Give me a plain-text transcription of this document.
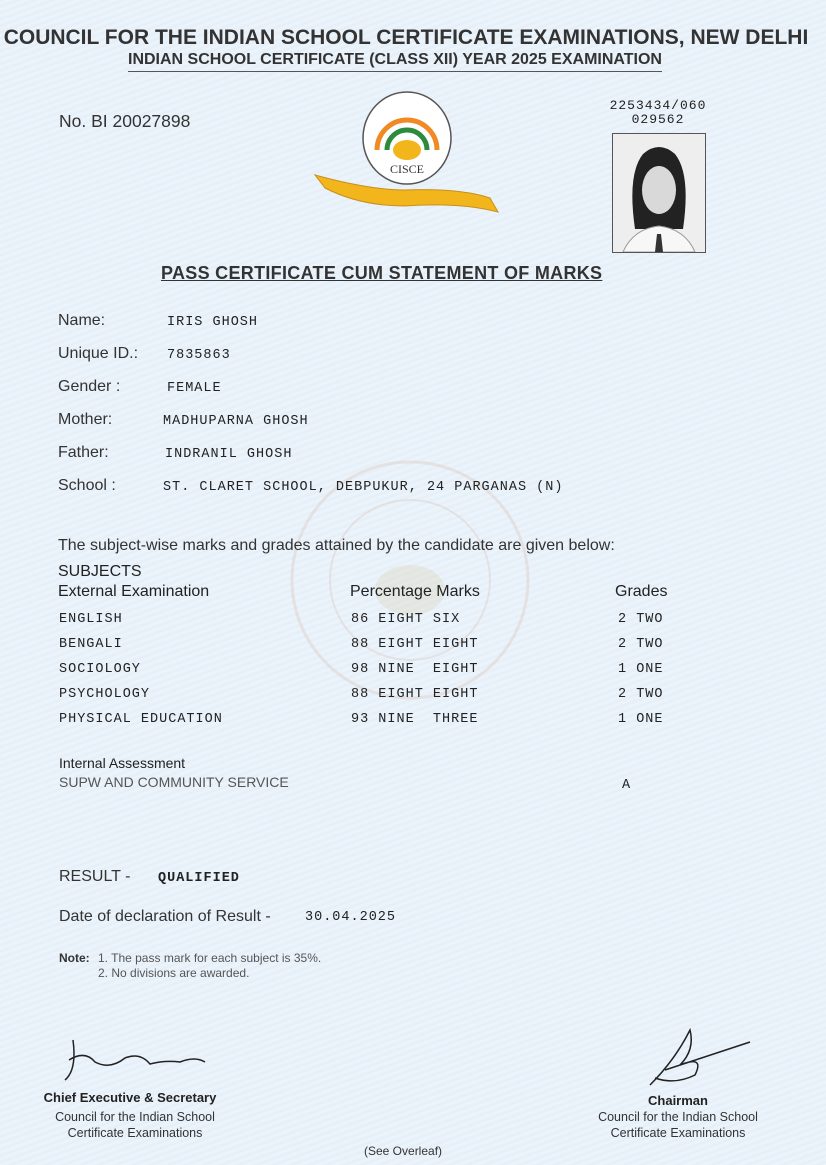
COUNCIL FOR THE INDIAN SCHOOL CERTIFICATE EXAMINATIONS, NEW DELHI
INDIAN SCHOOL CERTIFICATE (CLASS XII) YEAR 2025 EXAMINATION
No. BI 20027898
2253434/060
029562
CISCE
PASS CERTIFICATE CUM STATEMENT OF MARKS
Name:	IRIS GHOSH
Unique ID.: 7835863
Gender :	FEMALE
Mother:	MADHUPARNA GHOSH
Father:	INDRANIL GHOSH
School :	ST. CLARET SCHOOL, DEBPUKUR, 24 PARGANAS (N)
The subject-wise marks and grades attained by the candidate are given below:
SUBJECTS
External Examination	Percentage Marks	Grades
ENGLISH	86 EIGHT SIX	2 TWO
BENGALI	88 EIGHT EIGHT	2 TWO
SOCIOLOGY	98 NINE  EIGHT	1 ONE
PSYCHOLOGY	88 EIGHT EIGHT	2 TWO
PHYSICAL EDUCATION	93 NINE  THREE	1 ONE
Internal Assessment
SUPW AND COMMUNITY SERVICE	A
RESULT - QUALIFIED
Date of declaration of Result -	30.04.2025
Note: 1. The pass mark for each subject is 35%.
2. No divisions are awarded.
Chief Executive & Secretary
Council for the Indian School
Certificate Examinations
Chairman
Council for the Indian School
Certificate Examinations
(See Overleaf)
